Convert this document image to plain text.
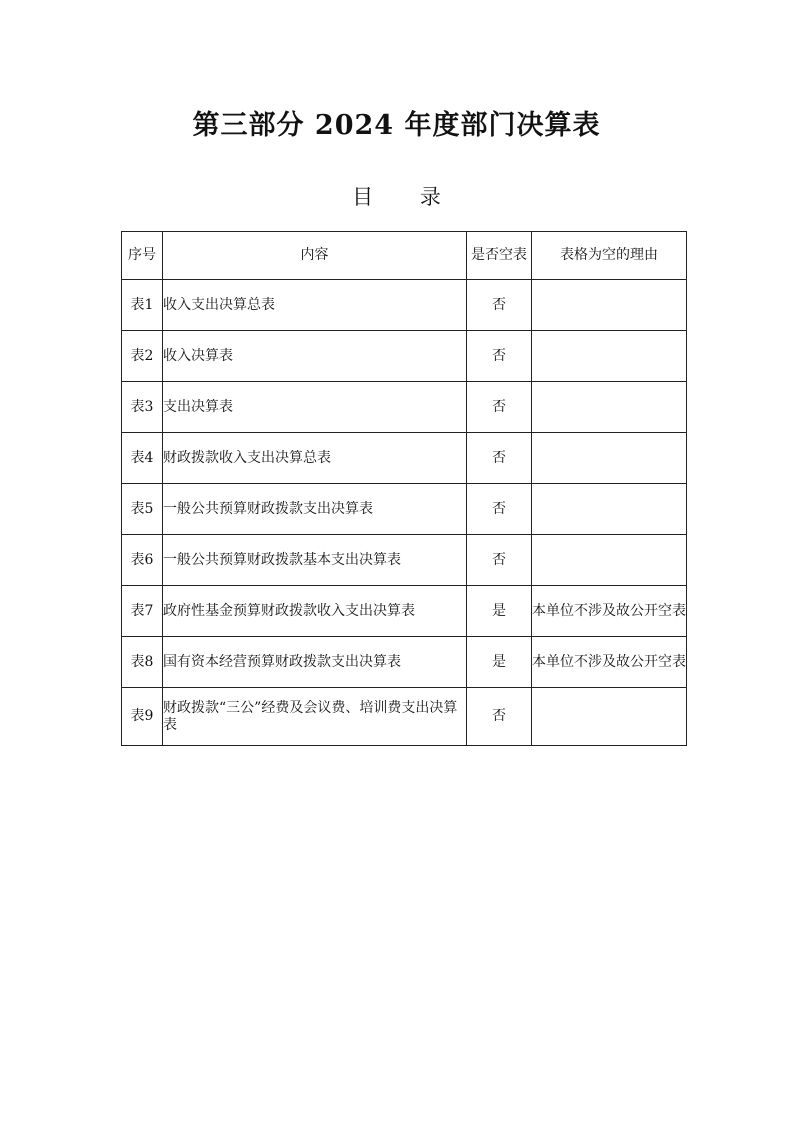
第三部分 2024 年度部门决算表
目 录
序号	内容	是否空表	表格为空的理由
表1	收入支出决算总表	否	
表2	收入决算表	否	
表3	支出决算表	否	
表4	财政拨款收入支出决算总表	否	
表5	一般公共预算财政拨款支出决算表	否	
表6	一般公共预算财政拨款基本支出决算表	否	
表7	政府性基金预算财政拨款收入支出决算表	是	本单位不涉及故公开空表
表8	国有资本经营预算财政拨款支出决算表	是	本单位不涉及故公开空表
表9	财政拨款“三公”经费及会议费、培训费支出决算表	否	
